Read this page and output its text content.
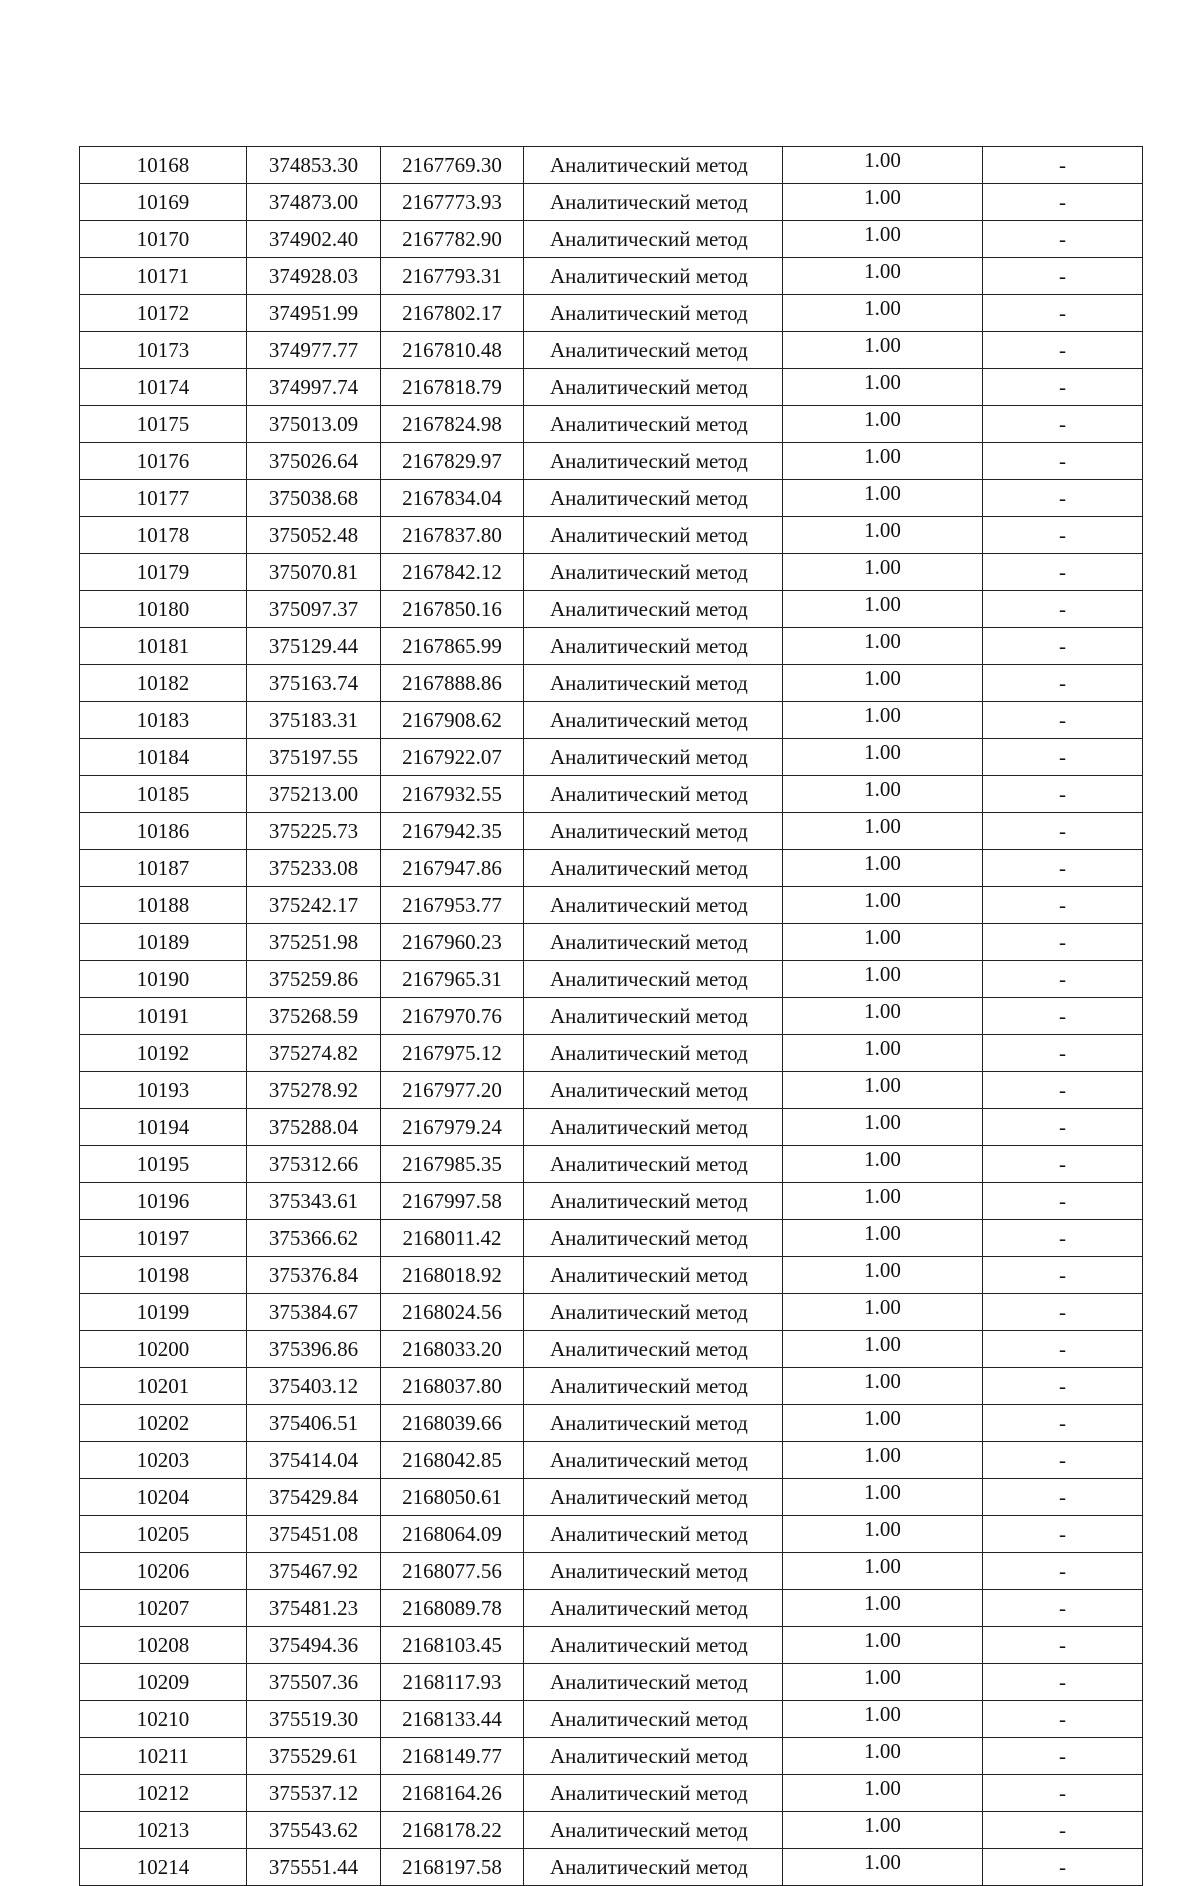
10168	374853.30	2167769.30	Аналитический метод	1.00	-
10169	374873.00	2167773.93	Аналитический метод	1.00	-
10170	374902.40	2167782.90	Аналитический метод	1.00	-
10171	374928.03	2167793.31	Аналитический метод	1.00	-
10172	374951.99	2167802.17	Аналитический метод	1.00	-
10173	374977.77	2167810.48	Аналитический метод	1.00	-
10174	374997.74	2167818.79	Аналитический метод	1.00	-
10175	375013.09	2167824.98	Аналитический метод	1.00	-
10176	375026.64	2167829.97	Аналитический метод	1.00	-
10177	375038.68	2167834.04	Аналитический метод	1.00	-
10178	375052.48	2167837.80	Аналитический метод	1.00	-
10179	375070.81	2167842.12	Аналитический метод	1.00	-
10180	375097.37	2167850.16	Аналитический метод	1.00	-
10181	375129.44	2167865.99	Аналитический метод	1.00	-
10182	375163.74	2167888.86	Аналитический метод	1.00	-
10183	375183.31	2167908.62	Аналитический метод	1.00	-
10184	375197.55	2167922.07	Аналитический метод	1.00	-
10185	375213.00	2167932.55	Аналитический метод	1.00	-
10186	375225.73	2167942.35	Аналитический метод	1.00	-
10187	375233.08	2167947.86	Аналитический метод	1.00	-
10188	375242.17	2167953.77	Аналитический метод	1.00	-
10189	375251.98	2167960.23	Аналитический метод	1.00	-
10190	375259.86	2167965.31	Аналитический метод	1.00	-
10191	375268.59	2167970.76	Аналитический метод	1.00	-
10192	375274.82	2167975.12	Аналитический метод	1.00	-
10193	375278.92	2167977.20	Аналитический метод	1.00	-
10194	375288.04	2167979.24	Аналитический метод	1.00	-
10195	375312.66	2167985.35	Аналитический метод	1.00	-
10196	375343.61	2167997.58	Аналитический метод	1.00	-
10197	375366.62	2168011.42	Аналитический метод	1.00	-
10198	375376.84	2168018.92	Аналитический метод	1.00	-
10199	375384.67	2168024.56	Аналитический метод	1.00	-
10200	375396.86	2168033.20	Аналитический метод	1.00	-
10201	375403.12	2168037.80	Аналитический метод	1.00	-
10202	375406.51	2168039.66	Аналитический метод	1.00	-
10203	375414.04	2168042.85	Аналитический метод	1.00	-
10204	375429.84	2168050.61	Аналитический метод	1.00	-
10205	375451.08	2168064.09	Аналитический метод	1.00	-
10206	375467.92	2168077.56	Аналитический метод	1.00	-
10207	375481.23	2168089.78	Аналитический метод	1.00	-
10208	375494.36	2168103.45	Аналитический метод	1.00	-
10209	375507.36	2168117.93	Аналитический метод	1.00	-
10210	375519.30	2168133.44	Аналитический метод	1.00	-
10211	375529.61	2168149.77	Аналитический метод	1.00	-
10212	375537.12	2168164.26	Аналитический метод	1.00	-
10213	375543.62	2168178.22	Аналитический метод	1.00	-
10214	375551.44	2168197.58	Аналитический метод	1.00	-
